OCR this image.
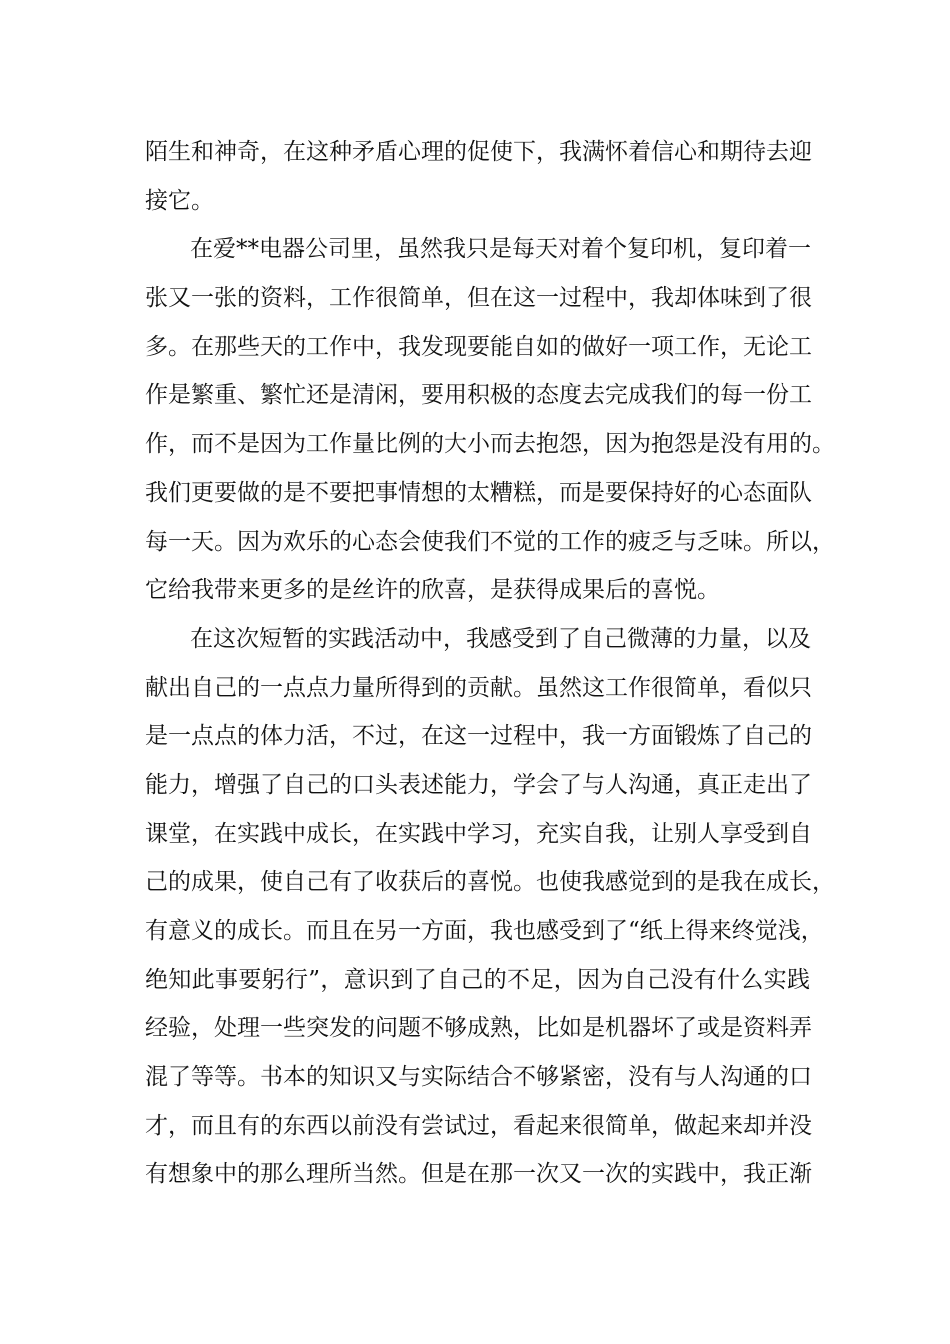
陌生和神奇，在这种矛盾心理的促使下，我满怀着信心和期待去迎
接它。
在爱**电器公司里，虽然我只是每天对着个复印机，复印着一
张又一张的资料，工作很简单，但在这一过程中，我却体味到了很
多。在那些天的工作中，我发现要能自如的做好一项工作，无论工
作是繁重、繁忙还是清闲，要用积极的态度去完成我们的每一份工
作，而不是因为工作量比例的大小而去抱怨，因为抱怨是没有用的。
我们更要做的是不要把事情想的太糟糕，而是要保持好的心态面队
每一天。因为欢乐的心态会使我们不觉的工作的疲乏与乏味。所以，
它给我带来更多的是丝许的欣喜，是获得成果后的喜悦。
在这次短暂的实践活动中，我感受到了自己微薄的力量，以及
献出自己的一点点力量所得到的贡献。虽然这工作很简单，看似只
是一点点的体力活，不过，在这一过程中，我一方面锻炼了自己的
能力，增强了自己的口头表述能力，学会了与人沟通，真正走出了
课堂，在实践中成长，在实践中学习，充实自我，让别人享受到自
己的成果，使自己有了收获后的喜悦。也使我感觉到的是我在成长，
有意义的成长。而且在另一方面，我也感受到了“纸上得来终觉浅，
绝知此事要躬行”，意识到了自己的不足，因为自己没有什么实践
经验，处理一些突发的问题不够成熟，比如是机器坏了或是资料弄
混了等等。书本的知识又与实际结合不够紧密，没有与人沟通的口
才，而且有的东西以前没有尝试过，看起来很简单，做起来却并没
有想象中的那么理所当然。但是在那一次又一次的实践中，我正渐
